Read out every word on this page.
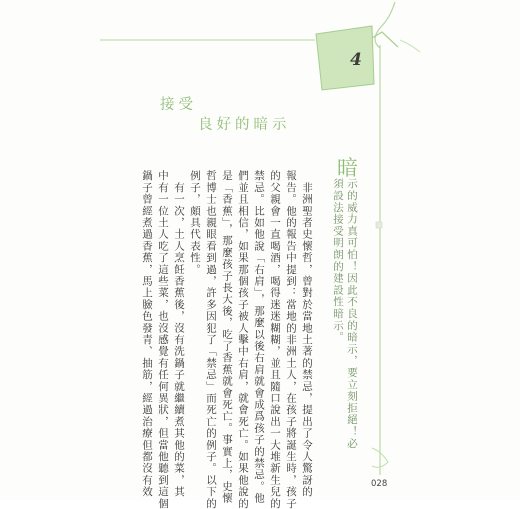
4
接受
良好的暗示
暗
示的威力真可怕！因此不良的暗示，要立刻拒絕！必
須設法接受明朗的建設性暗示。
　非洲聖者史懷哲，曾對於當地土著的禁忌，提出了令人驚訝的
報告。他的報告中提到：當地的非洲土人，在孩子將誕生時，孩子
的父親會一直喝酒，喝得迷迷糊糊，並且隨口說出一大堆新生兒的
禁忌。比如他說「右肩」，那麼以後右肩就會成爲孩子的禁忌。他
們並且相信，如果那個孩子被人擊中右肩，就會死亡。如果他說的
是「香蕉」，那麼孩子長大後，吃了香蕉就會死亡。事實上，史懷
哲博士也親眼看到過，許多因犯了「禁忌」而死亡的例子。以下的
例子，頗具代表性。
　有一次，土人烹飪香蕉後，沒有洗鍋子就繼續煮其他的菜，其
中有一位土人吃了這些菜，也沒感覺有任何異狀，但當他聽到這個
鍋子曾經煮過香蕉，馬上臉色發青、抽筋，經過治療但都沒有效	028
